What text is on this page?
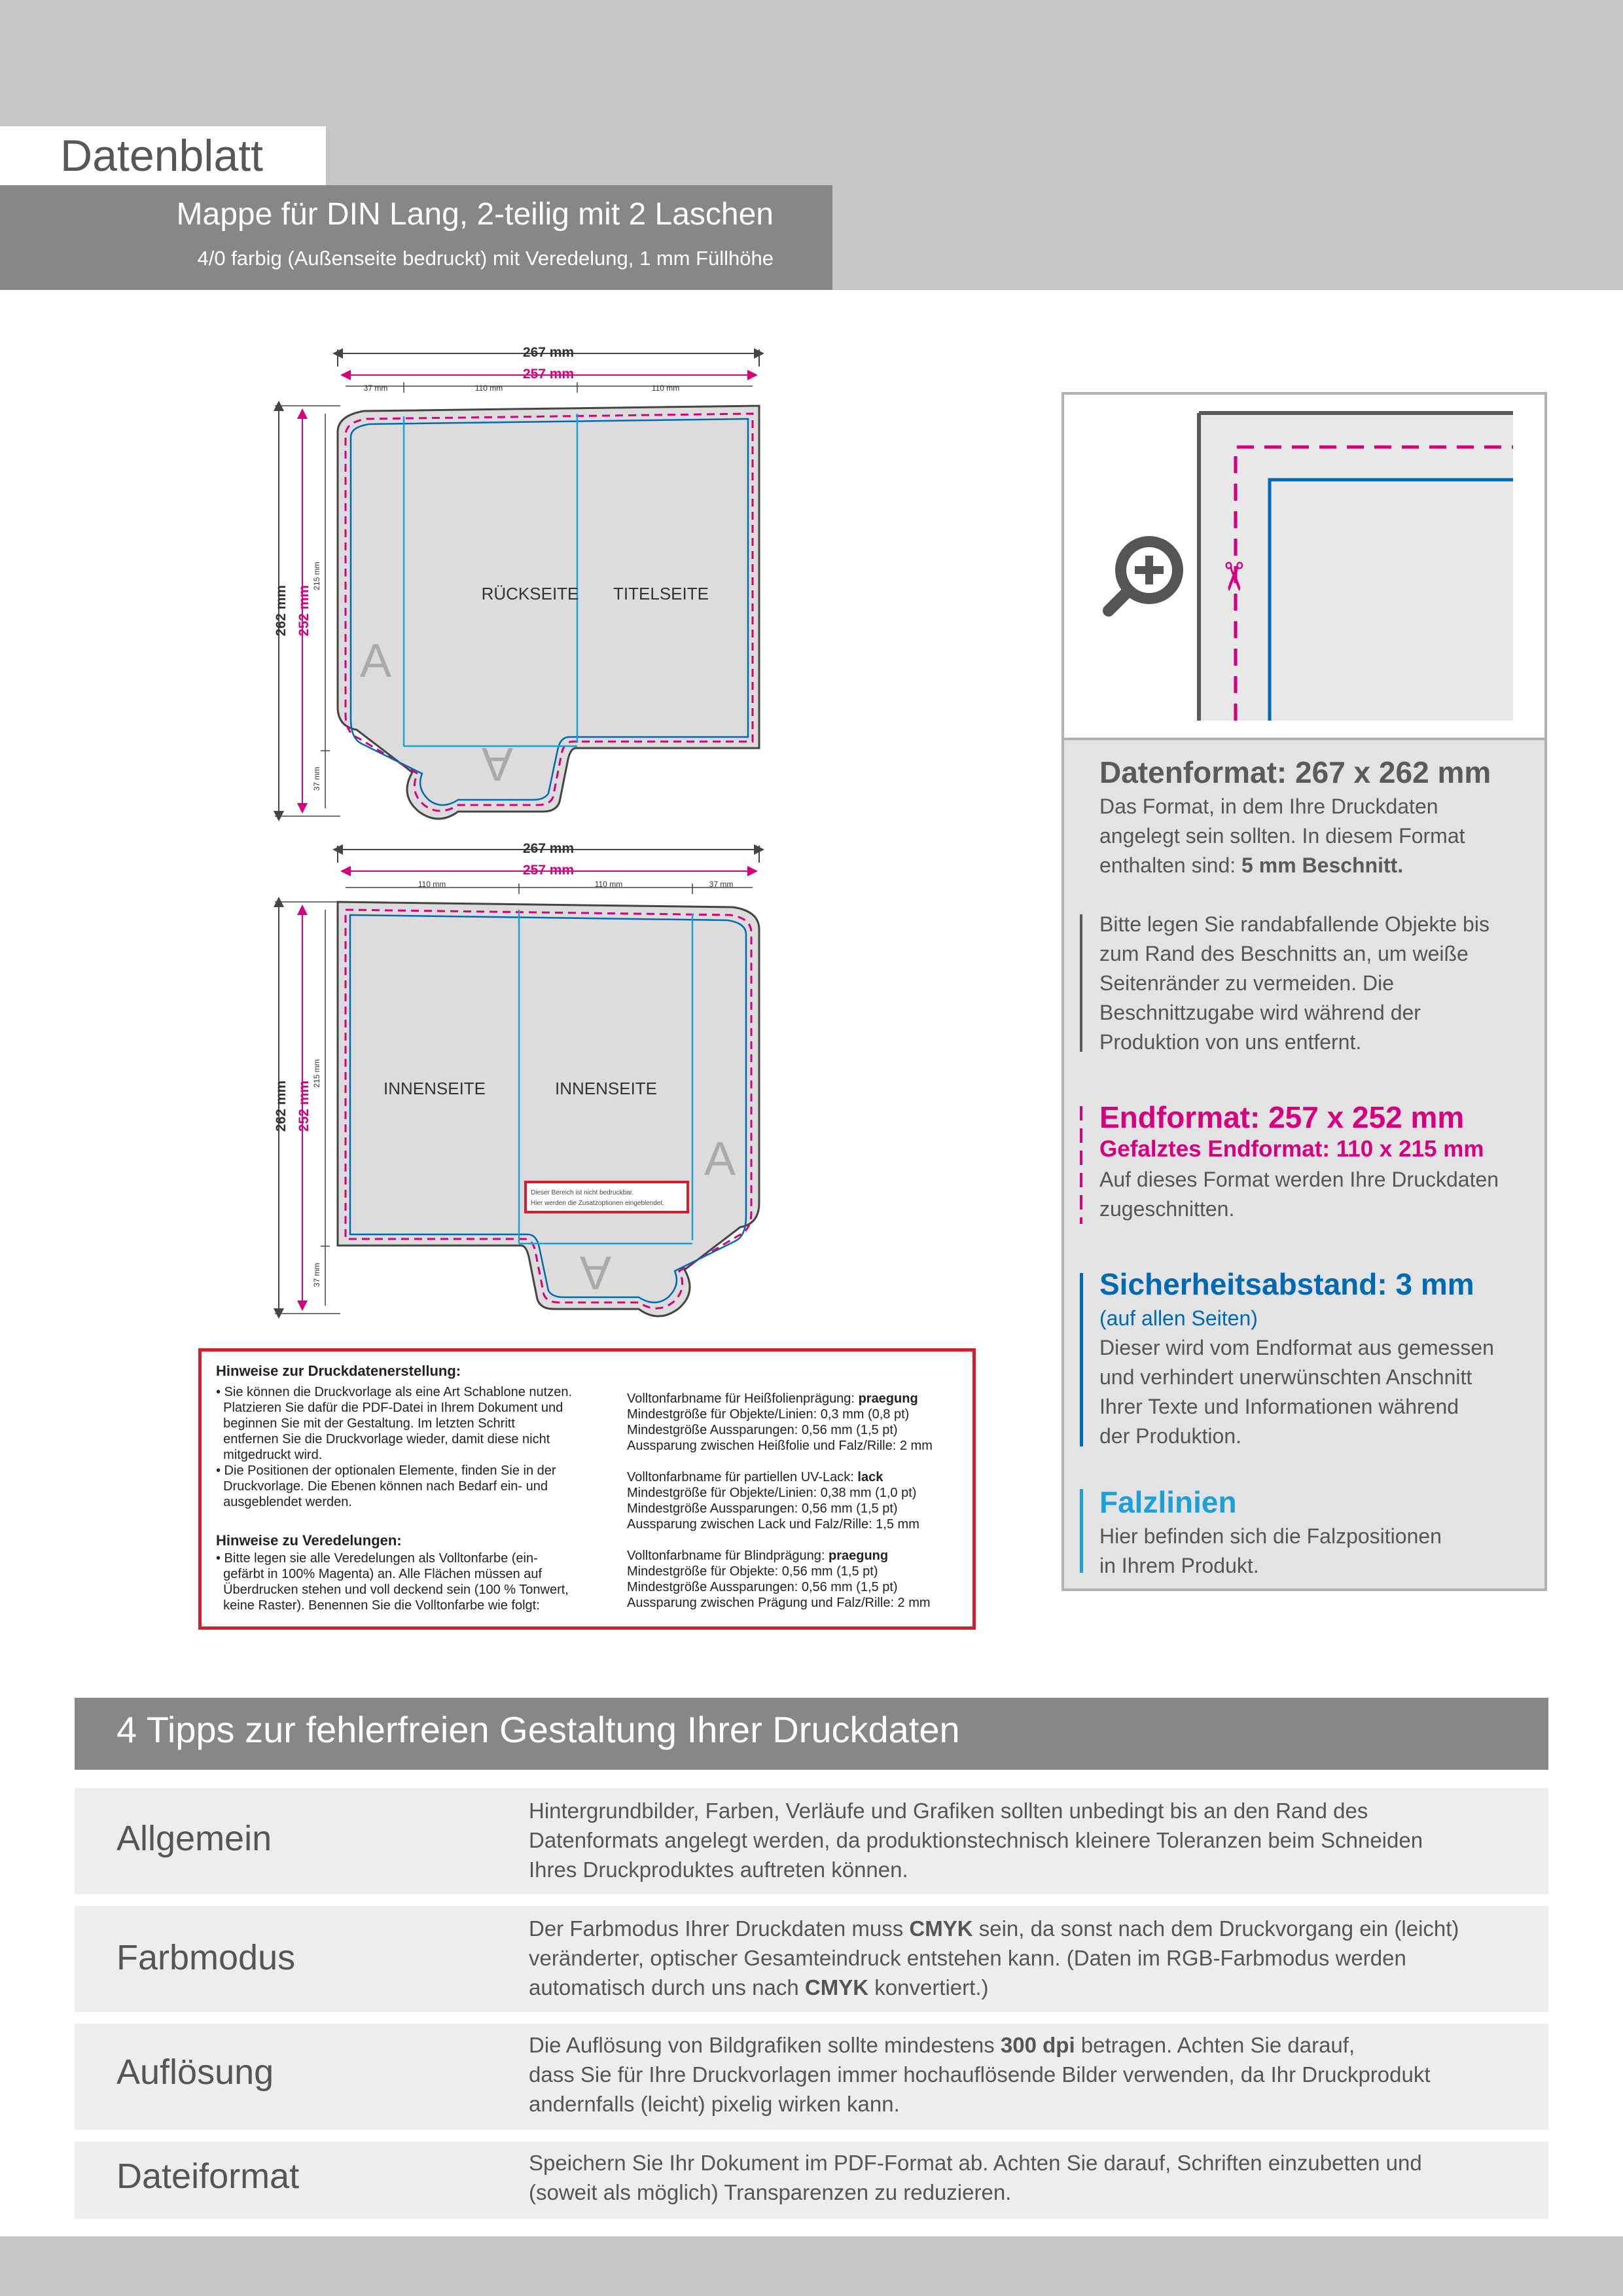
Datenblatt
Mappe für DIN Lang, 2-teilig mit 2 Laschen
4/0 farbig (Außenseite bedruckt) mit Veredelung, 1 mm Füllhöhe
RÜCKSEITE TITELSEITE
A
A
267 mm
257 mm
37 mm	110 mm	110 mm
262 mm 252 mm
215 mm
37 mm
INNENSEITE	INNENSEITE
A
A
Dieser Bereich ist nicht bedruckbar.
Hier werden die Zusatzoptionen eingeblendet.
267 mm
257 mm
110 mm	110 mm	37 mm
262 mm 252 mm
215 mm
37 mm
Hinweise zur Druckdatenerstellung:
• Sie können die Druckvorlage als eine Art Schablone nutzen.
Platzieren Sie dafür die PDF-Datei in Ihrem Dokument und
beginnen Sie mit der Gestaltung. Im letzten Schritt
entfernen Sie die Druckvorlage wieder, damit diese nicht
mitgedruckt wird.
• Die Positionen der optionalen Elemente, finden Sie in der
Druckvorlage. Die Ebenen können nach Bedarf ein- und
ausgeblendet werden.
Hinweise zu Veredelungen:
• Bitte legen sie alle Veredelungen als Volltonfarbe (ein-
gefärbt in 100% Magenta) an. Alle Flächen müssen auf
Überdrucken stehen und voll deckend sein (100 % Tonwert,
keine Raster). Benennen Sie die Volltonfarbe wie folgt:
Volltonfarbname für Heißfolienprägung: praegung
Mindestgröße für Objekte/Linien: 0,3 mm (0,8 pt)
Mindestgröße Aussparungen: 0,56 mm (1,5 pt)
Aussparung zwischen Heißfolie und Falz/Rille: 2 mm
Volltonfarbname für partiellen UV-Lack: lack
Mindestgröße für Objekte/Linien: 0,38 mm (1,0 pt)
Mindestgröße Aussparungen: 0,56 mm (1,5 pt)
Aussparung zwischen Lack und Falz/Rille: 1,5 mm
Volltonfarbname für Blindprägung: praegung
Mindestgröße für Objekte: 0,56 mm (1,5 pt)
Mindestgröße Aussparungen: 0,56 mm (1,5 pt)
Aussparung zwischen Prägung und Falz/Rille: 2 mm
✂
Datenformat: 267 x 262 mm
Das Format, in dem Ihre Druckdaten
angelegt sein sollten. In diesem Format
enthalten sind: 5 mm Beschnitt.
Bitte legen Sie randabfallende Objekte bis
zum Rand des Beschnitts an, um weiße
Seitenränder zu vermeiden. Die
Beschnittzugabe wird während der
Produktion von uns entfernt.
Endformat: 257 x 252 mm
Gefalztes Endformat: 110 x 215 mm
Auf dieses Format werden Ihre Druckdaten
zugeschnitten.
Sicherheitsabstand: 3 mm
(auf allen Seiten)
Dieser wird vom Endformat aus gemessen
und verhindert unerwünschten Anschnitt
Ihrer Texte und Informationen während
der Produktion.
Falzlinien
Hier befinden sich die Falzpositionen
in Ihrem Produkt.
4 Tipps zur fehlerfreien Gestaltung Ihrer Druckdaten
Allgemein
Hintergrundbilder, Farben, Verläufe und Grafiken sollten unbedingt bis an den Rand des
Datenformats angelegt werden, da produktionstechnisch kleinere Toleranzen beim Schneiden
Ihres Druckproduktes auftreten können.
Farbmodus
Der Farbmodus Ihrer Druckdaten muss CMYK sein, da sonst nach dem Druckvorgang ein (leicht)
veränderter, optischer Gesamteindruck entstehen kann. (Daten im RGB-Farbmodus werden
automatisch durch uns nach CMYK konvertiert.)
Auflösung
Die Auflösung von Bildgrafiken sollte mindestens 300 dpi betragen. Achten Sie darauf,
dass Sie für Ihre Druckvorlagen immer hochauflösende Bilder verwenden, da Ihr Druckprodukt
andernfalls (leicht) pixelig wirken kann.
Dateiformat	Speichern Sie Ihr Dokument im PDF-Format ab. Achten Sie darauf, Schriften einzubetten und
(soweit als möglich) Transparenzen zu reduzieren.
